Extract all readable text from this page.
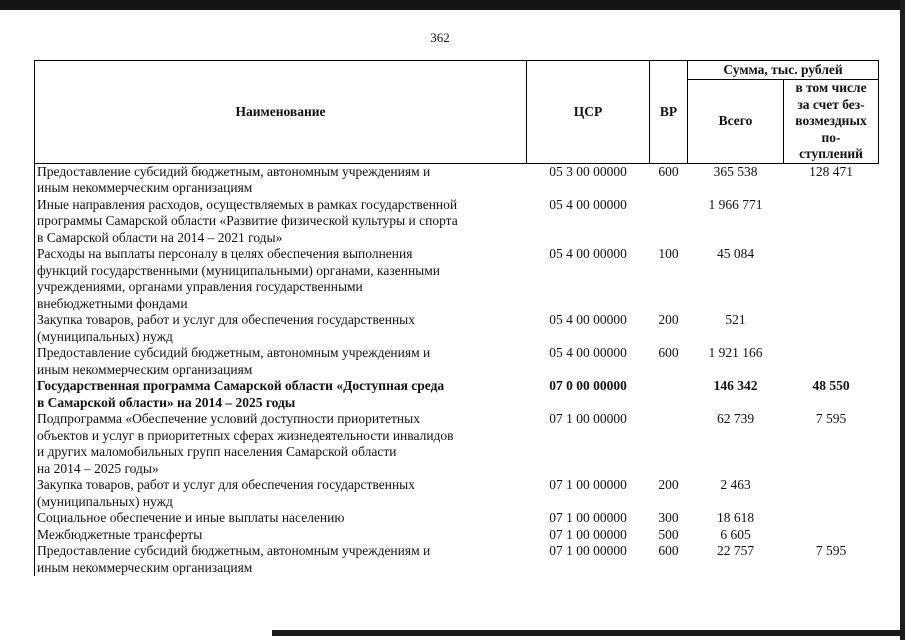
362
Наименование	ЦСР	ВР	Сумма, тыс. рублей	
			Всего	в том числе
за счет без-
возмездных
по-
ступлений

Предоставление субсидий бюджетным, автономным учреждениям и
иным некоммерческим организациям	05 3 00 00000	600	365 538	128 471

Иные направления расходов, осуществляемых в рамках государственной
программы Самарской области «Развитие физической культуры и спорта
в Самарской области на 2014 – 2021 годы»	05 4 00 00000		1 966 771	

Расходы на выплаты персоналу в целях обеспечения выполнения
функций государственными (муниципальными) органами, казенными
учреждениями, органами управления государственными
внебюджетными фондами	05 4 00 00000	100	45 084	

Закупка товаров, работ и услуг для обеспечения государственных
(муниципальных) нужд	05 4 00 00000	200	521	

Предоставление субсидий бюджетным, автономным учреждениям и
иным некоммерческим организациям	05 4 00 00000	600	1 921 166	

Государственная программа Самарской области «Доступная среда
в Самарской области» на 2014 – 2025 годы	07 0 00 00000		146 342	48 550

Подпрограмма «Обеспечение условий доступности приоритетных
объектов и услуг в приоритетных сферах жизнедеятельности инвалидов
и других маломобильных групп населения Самарской области
на 2014 – 2025 годы»	07 1 00 00000		62 739	7 595

Закупка товаров, работ и услуг для обеспечения государственных
(муниципальных) нужд	07 1 00 00000	200	2 463	

Социальное обеспечение и иные выплаты населению	07 1 00 00000	300	18 618	

Межбюджетные трансферты	07 1 00 00000	500	6 605	

Предоставление субсидий бюджетным, автономным учреждениям и
иным некоммерческим организациям	07 1 00 00000	600	22 757	7 595
